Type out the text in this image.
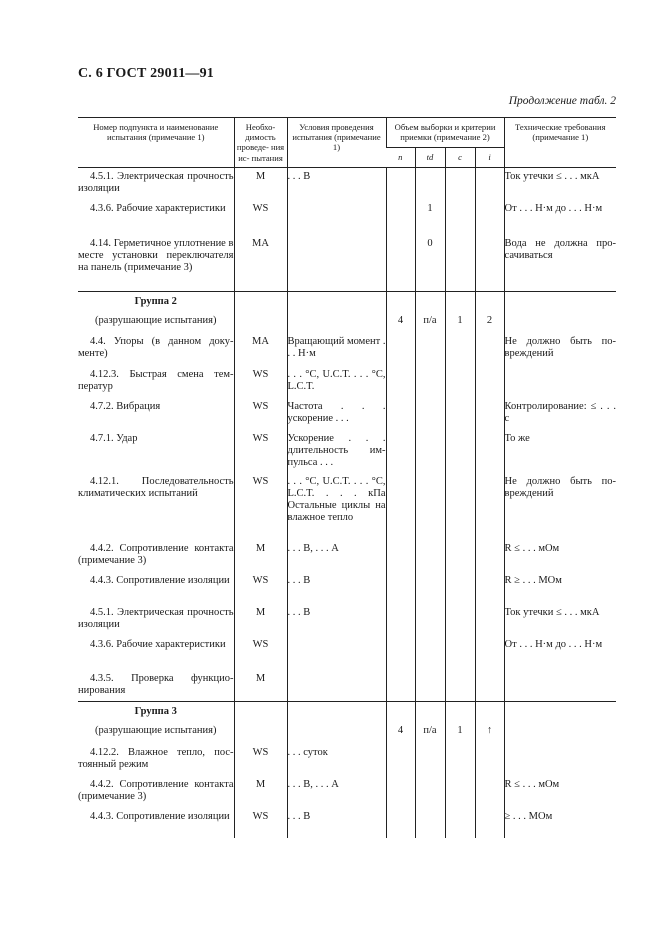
С. 6 ГОСТ 29011—91
Продолжение табл. 2
Номер подпункта и наименование испытания (примечание 1)	Необхо- димость проведе- ния ис- пытания	Условия проведения испытания (примечание 1)	Объем выборки и критерии приемки (примечание 2)				Технические требования (примечание 1)
			n	td	c	i	

4.5.1. Электрическая прочность изоляции	M	. . . В					Ток утечки ≤ . . . мкА

4.3.6. Рабочие характеристики	WS			1			От . . . Н·м до . . . Н·м

4.14. Герметичное уплотнение в месте установки переключателя на панель (примечание 3)	MA			0			Вода не должна просачиваться

Группа 2							

(разрушающие испытания)			4	п/а	1	2	

4.4. Упоры (в данном документе)	MA	Вращающий момент . . . Н·м					Не должно быть повреждений

4.12.3. Быстрая смена температур	WS	. . . °С, U.C.T. . . . °С, L.C.T.					

4.7.2. Вибрация	WS	Частота . . . ускорение . . .					Контролирование: ≤ . . . с

4.7.1. Удар	WS	Ускорение . . . длительность импульса . . .					То же

4.12.1. Последовательность климатических испытаний	WS	. . . °С, U.C.T. . . . °С, L.C.T. . . . кПа Остальные циклы на влажное тепло					Не должно быть повреждений

4.4.2. Сопротивление контакта (примечание 3)	M	. . . В, . . . А					R ≤ . . . мОм

4.4.3. Сопротивление изоляции	WS	. . . В					R ≥ . . . МОм

4.5.1. Электрическая прочность изоляции	M	. . . В					Ток утечки ≤ . . . мкА

4.3.6. Рабочие характеристики	WS						От . . . Н·м до . . . Н·м

4.3.5. Проверка функционирования	M						

Группа 3							

(разрушающие испытания)			4	п/а	1	↑	

4.12.2. Влажное тепло, постоянный режим	WS	. . . суток					

4.4.2. Сопротивление контакта (примечание 3)	M	. . . В, . . . А					R ≤ . . . мОм

4.4.3. Сопротивление изоляции	WS	. . . В					≥ . . . МОм
